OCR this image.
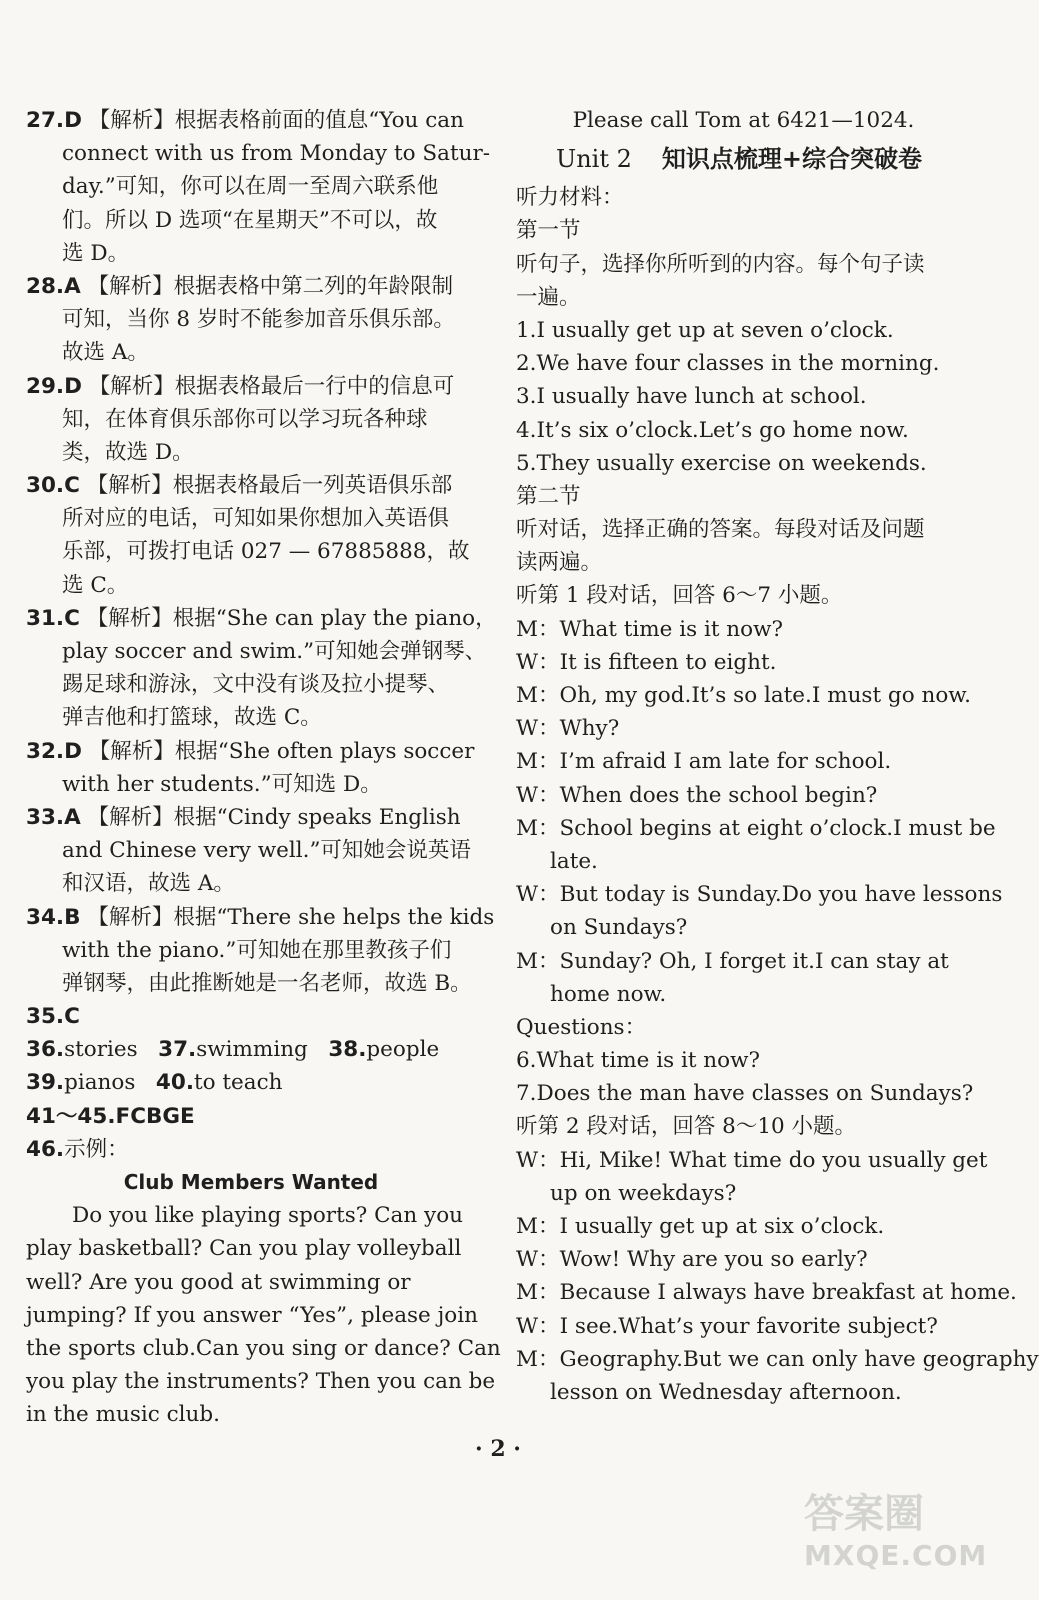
27.D 【解析】根据表格前面的值息“You can
connect with us from Monday to Satur-
day.”可知，你可以在周一至周六联系他
们。所以 D 选项“在星期天”不可以，故
选 D。
28.A 【解析】根据表格中第二列的年龄限制
可知，当你 8 岁时不能参加音乐俱乐部。
故选 A。
29.D 【解析】根据表格最后一行中的信息可
知，在体育俱乐部你可以学习玩各种球
类，故选 D。
30.C 【解析】根据表格最后一列英语俱乐部
所对应的电话，可知如果你想加入英语俱
乐部，可拨打电话 027 — 67885888，故
选 C。
31.C 【解析】根据“She can play the piano，
play soccer and swim.”可知她会弹钢琴、
踢足球和游泳，文中没有谈及拉小提琴、
弹吉他和打篮球，故选 C。
32.D 【解析】根据“She often plays soccer
with her students.”可知选 D。
33.A 【解析】根据“Cindy speaks English
and Chinese very well.”可知她会说英语
和汉语，故选 A。
34.B 【解析】根据“There she helps the kids
with the piano.”可知她在那里教孩子们
弹钢琴，由此推断她是一名老师，故选 B。
35.C
36.stories 37.swimming 38.people
39.pianos 40.to teach
41～45.FCBGE
46.示例：
Club Members Wanted
Do you like playing sports? Can you
play basketball? Can you play volleyball
well? Are you good at swimming or
jumping? If you answer “Yes”, please join
the sports club.Can you sing or dance? Can
you play the instruments? Then you can be
in the music club.
Please call Tom at 6421—1024.
Unit 2 知识点梳理+综合突破卷
听力材料：
第一节
听句子，选择你所听到的内容。每个句子读
一遍。
1.I usually get up at seven o’clock.
2.We have four classes in the morning.
3.I usually have lunch at school.
4.It’s six o’clock.Let’s go home now.
5.They usually exercise on weekends.
第二节
听对话，选择正确的答案。每段对话及问题
读两遍。
听第 1 段对话，回答 6～7 小题。
M：What time is it now?
W：It is fifteen to eight.
M：Oh, my god.It’s so late.I must go now.
W：Why?
M：I’m afraid I am late for school.
W：When does the school begin?
M：School begins at eight o’clock.I must be
late.
W：But today is Sunday.Do you have lessons
on Sundays?
M：Sunday? Oh, I forget it.I can stay at
home now.
Questions：
6.What time is it now?
7.Does the man have classes on Sundays?
听第 2 段对话，回答 8～10 小题。
W：Hi, Mike! What time do you usually get
up on weekdays?
M：I usually get up at six o’clock.
W：Wow! Why are you so early?
M：Because I always have breakfast at home.
W：I see.What’s your favorite subject?
M：Geography.But we can only have geography
lesson on Wednesday afternoon.
· 2 ·
答案圈
MXQE.COM
